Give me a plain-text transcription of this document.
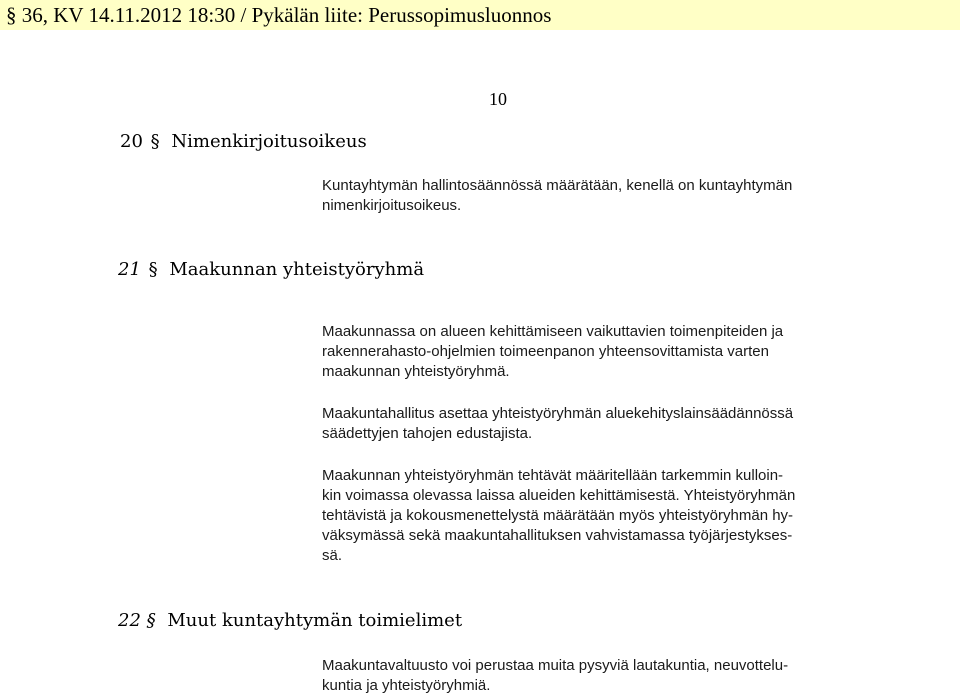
§ 36, KV 14.11.2012 18:30 / Pykälän liite: Perussopimusluonnos
10
20 § Nimenkirjoitusoikeus

Kuntayhtymän hallintosäännössä määrätään, kenellä on kuntayhtymän
nimenkirjoitusoikeus.

21 § Maakunnan yhteistyöryhmä

Maakunnassa on alueen kehittämiseen vaikuttavien toimenpiteiden ja
rakennerahasto-ohjelmien toimeenpanon yhteensovittamista varten
maakunnan yhteistyöryhmä.

Maakuntahallitus asettaa yhteistyöryhmän aluekehityslainsäädännössä
säädettyjen tahojen edustajista.

Maakunnan yhteistyöryhmän tehtävät määritellään tarkemmin kulloin-
kin voimassa olevassa laissa alueiden kehittämisestä. Yhteistyöryhmän
tehtävistä ja kokousmenettelystä määrätään myös yhteistyöryhmän hy-
väksymässä sekä maakuntahallituksen vahvistamassa työjärjestykses-
sä.

22 § Muut kuntayhtymän toimielimet

Maakuntavaltuusto voi perustaa muita pysyviä lautakuntia, neuvottelu-
kuntia ja yhteistyöryhmiä.
